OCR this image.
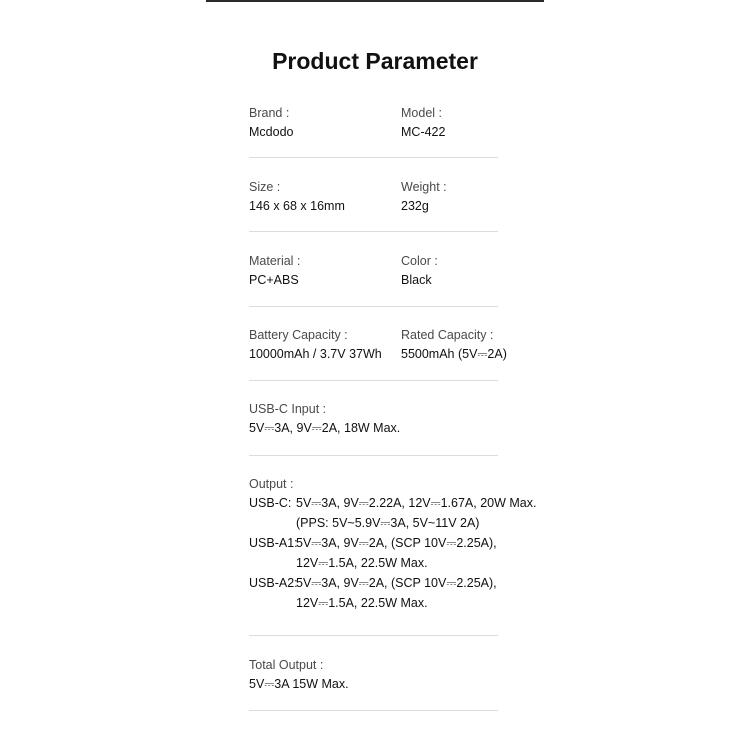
Product Parameter
Brand :
Mcdodo
Model :
MC-422
Size :
146 x 68 x 16mm
Weight :
232g
Material :
PC+ABS
Color :
Black
Battery Capacity :
10000mAh / 3.7V 37Wh
Rated Capacity :
5500mAh (5V⎓2A)
USB-C Input :
5V⎓3A, 9V⎓2A, 18W Max.
Output :
USB-C: 5V⎓3A, 9V⎓2.22A, 12V⎓1.67A, 20W Max.
(PPS: 5V~5.9V⎓3A, 5V~11V 2A)
USB-A1:
5V⎓3A, 9V⎓2A, (SCP 10V⎓2.25A),
12V⎓1.5A, 22.5W Max.
USB-A2:
5V⎓3A, 9V⎓2A, (SCP 10V⎓2.25A),
12V⎓1.5A, 22.5W Max.
Total Output :
5V⎓3A 15W Max.
